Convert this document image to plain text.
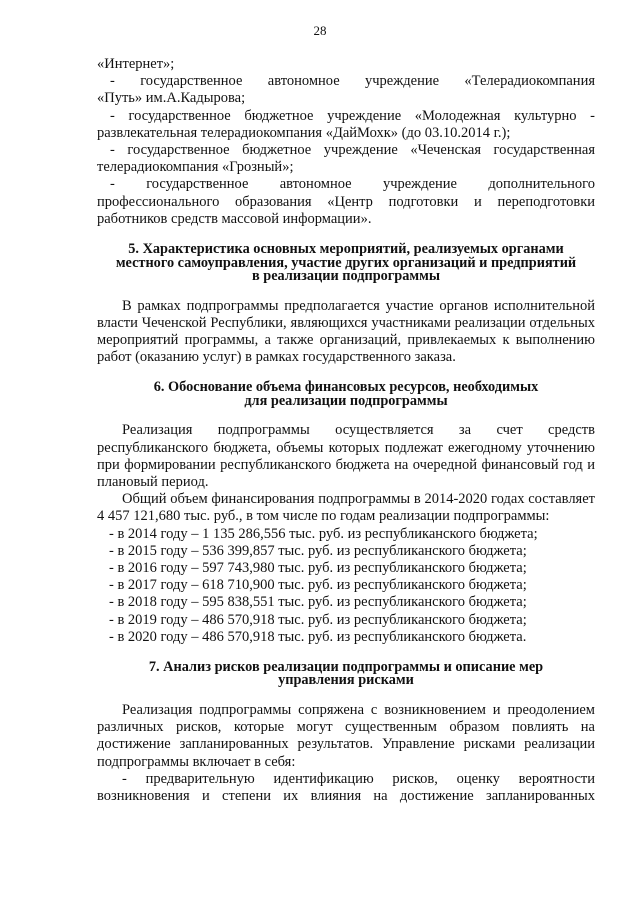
28

«Интернет»;

- государственное автономное учреждение «Телерадиокомпания

«Путь» им.А.Кадырова;

- государственное бюджетное учреждение «Молодежная культурно -

развлекательная телерадиокомпания «ДайМохк» (до 03.10.2014 г.);

- государственное бюджетное учреждение «Чеченская государственная

телерадиокомпания «Грозный»;

- государственное автономное учреждение дополнительного

профессионального образования «Центр подготовки и переподготовки

работников средств массовой информации».

5. Характеристика основных мероприятий, реализуемых органами
местного самоуправления, участие других организаций и предприятий
в реализации подпрограммы

В рамках подпрограммы предполагается участие органов исполнительной власти Чеченской Республики, являющихся участниками реализации отдельных мероприятий программы, а также организаций, привлекаемых к выполнению работ (оказанию услуг) в рамках государственного заказа.

6. Обоснование объема финансовых ресурсов, необходимых
для реализации подпрограммы

Реализация подпрограммы осуществляется за счет средств республиканского бюджета, объемы которых подлежат ежегодному уточнению при формировании республиканского бюджета на очередной финансовый год и плановый период.

Общий объем финансирования подпрограммы в 2014-2020 годах составляет 4 457 121,680 тыс. руб., в том числе по годам реализации подпрограммы:

- в 2014 году – 1 135 286,556 тыс. руб. из республиканского бюджета;
- в 2015 году – 536 399,857 тыс. руб. из республиканского бюджета;
- в 2016 году – 597 743,980 тыс. руб. из республиканского бюджета;
- в 2017 году – 618 710,900 тыс. руб. из республиканского бюджета;
- в 2018 году – 595 838,551 тыс. руб. из республиканского бюджета;
- в 2019 году – 486 570,918 тыс. руб. из республиканского бюджета;
- в 2020 году – 486 570,918 тыс. руб. из республиканского бюджета.
7. Анализ рисков реализации подпрограммы и описание мер
управления рисками

Реализация подпрограммы сопряжена с возникновением и преодолением различных рисков, которые могут существенным образом повлиять на достижение запланированных результатов. Управление рисками реализации подпрограммы включает в себя:

- предварительную идентификацию рисков, оценку вероятности возникновения и степени их влияния на достижение запланированных
